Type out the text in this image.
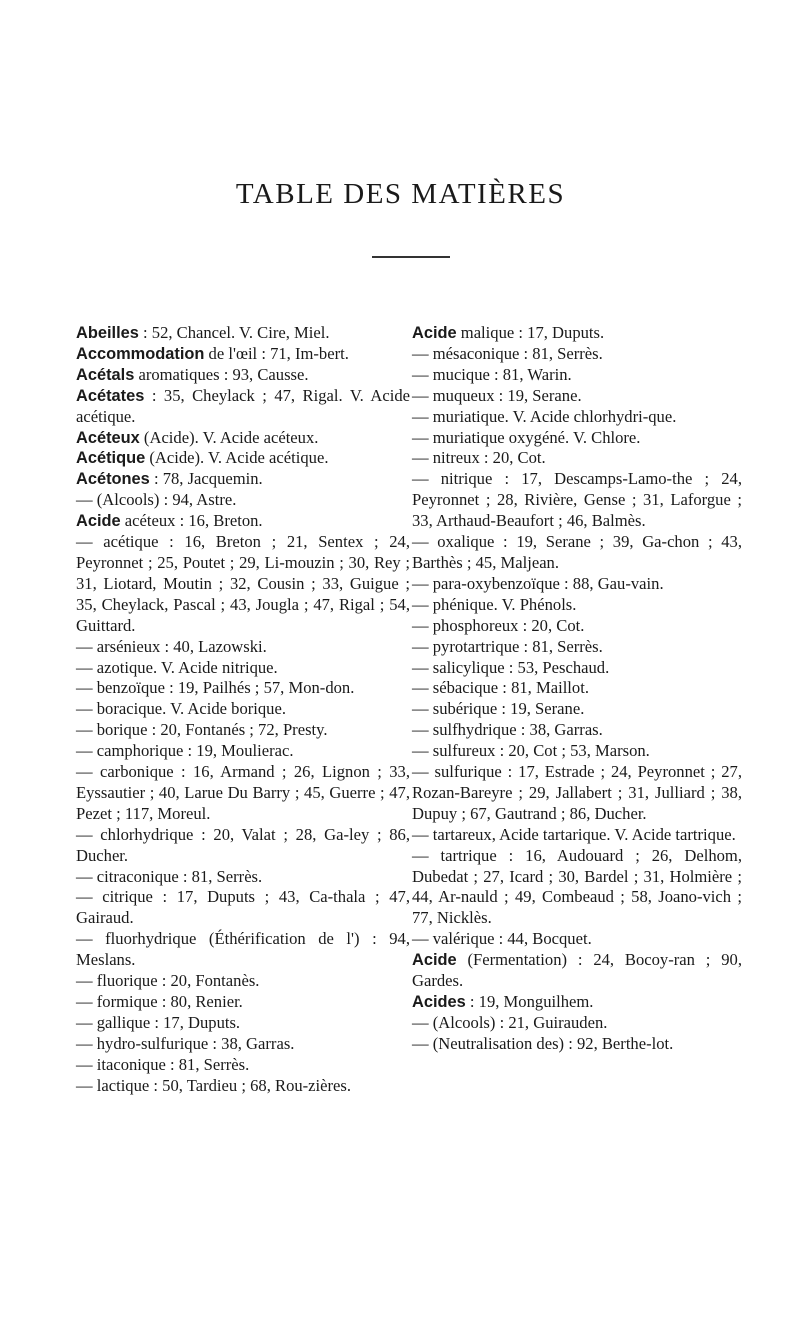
TABLE DES MATIÈRES

Abeilles : 52, Chancel. V. Cire, Miel.

Accommodation de l'œil : 71, Im-bert.

Acétals aromatiques : 93, Causse.

Acétates : 35, Cheylack ; 47, Rigal. V. Acide acétique.

Acéteux (Acide). V. Acide acéteux.

Acétique (Acide). V. Acide acétique.

Acétones : 78, Jacquemin.

— (Alcools) : 94, Astre.

Acide acéteux : 16, Breton.

— acétique : 16, Breton ; 21, Sentex ; 24, Peyronnet ; 25, Poutet ; 29, Li-mouzin ; 30, Rey ; 31, Liotard, Moutin ; 32, Cousin ; 33, Guigue ; 35, Cheylack, Pascal ; 43, Jougla ; 47, Rigal ; 54, Guittard.

— arsénieux : 40, Lazowski.

— azotique. V. Acide nitrique.

— benzoïque : 19, Pailhés ; 57, Mon-don.

— boracique. V. Acide borique.

— borique : 20, Fontanés ; 72, Presty.

— camphorique : 19, Moulierac.

— carbonique : 16, Armand ; 26, Lignon ; 33, Eyssautier ; 40, Larue Du Barry ; 45, Guerre ; 47, Pezet ; 117, Moreul.

— chlorhydrique : 20, Valat ; 28, Ga-ley ; 86, Ducher.

— citraconique : 81, Serrès.

— citrique : 17, Duputs ; 43, Ca-thala ; 47, Gairaud.

— fluorhydrique (Éthérification de l') : 94, Meslans.

— fluorique : 20, Fontanès.

— formique : 80, Renier.

— gallique : 17, Duputs.

— hydro-sulfurique : 38, Garras.

— itaconique : 81, Serrès.

— lactique : 50, Tardieu ; 68, Rou-zières.

Acide malique : 17, Duputs.

— mésaconique : 81, Serrès.

— mucique : 81, Warin.

— muqueux : 19, Serane.

— muriatique. V. Acide chlorhydri-que.

— muriatique oxygéné. V. Chlore.

— nitreux : 20, Cot.

— nitrique : 17, Descamps-Lamo-the ; 24, Peyronnet ; 28, Rivière, Gense ; 31, Laforgue ; 33, Arthaud-Beaufort ; 46, Balmès.

— oxalique : 19, Serane ; 39, Ga-chon ; 43, Barthès ; 45, Maljean.

— para-oxybenzoïque : 88, Gau-vain.

— phénique. V. Phénols.

— phosphoreux : 20, Cot.

— pyrotartrique : 81, Serrès.

— salicylique : 53, Peschaud.

— sébacique : 81, Maillot.

— subérique : 19, Serane.

— sulfhydrique : 38, Garras.

— sulfureux : 20, Cot ; 53, Marson.

— sulfurique : 17, Estrade ; 24, Peyronnet ; 27, Rozan-Bareyre ; 29, Jallabert ; 31, Julliard ; 38, Dupuy ; 67, Gautrand ; 86, Ducher.

— tartareux, Acide tartarique. V. Acide tartrique.

— tartrique : 16, Audouard ; 26, Delhom, Dubedat ; 27, Icard ; 30, Bardel ; 31, Holmière ; 44, Ar-nauld ; 49, Combeaud ; 58, Joano-vich ; 77, Nicklès.

— valérique : 44, Bocquet.

Acide (Fermentation) : 24, Bocoy-ran ; 90, Gardes.

Acides : 19, Monguilhem.

— (Alcools) : 21, Guirauden.

— (Neutralisation des) : 92, Berthe-lot.
